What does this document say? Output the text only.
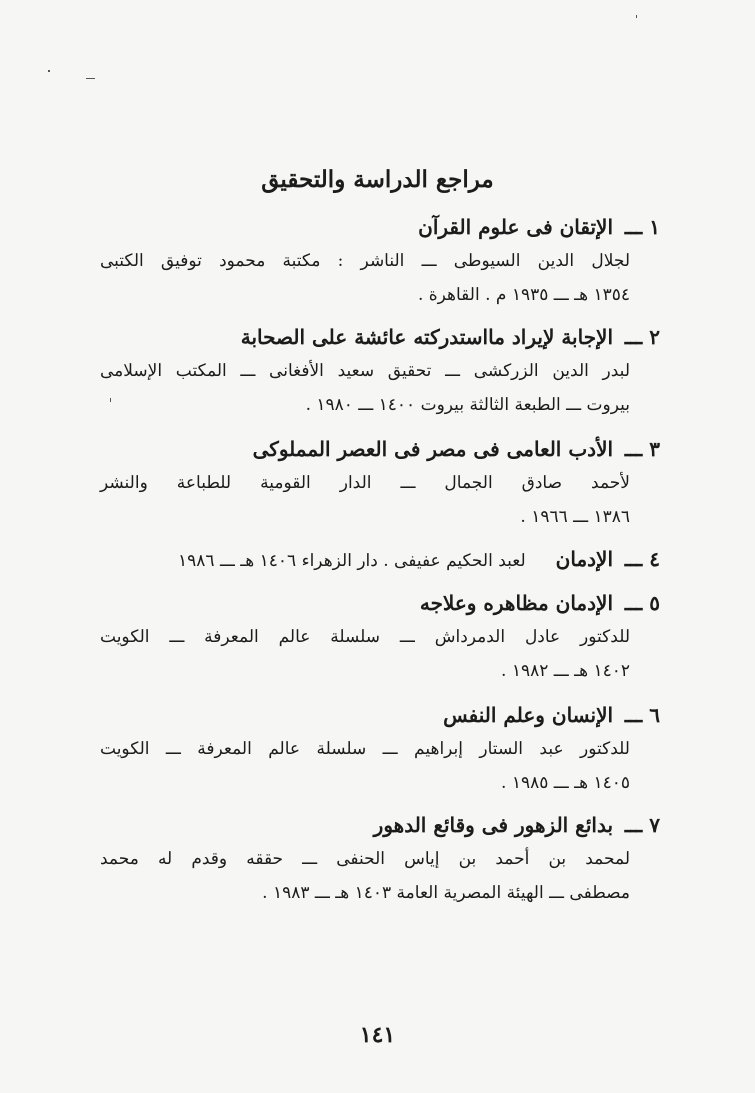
مراجع الدراسة والتحقيق
١ ـــ الإتقان فى علوم القرآن
لجلال الدين السيوطى ـــ الناشر : مكتبة محمود توفيق الكتبى
١٣٥٤ هـ ـــ ١٩٣٥ م . القاهرة .
٢ ـــ الإجابة لإيراد مااستدركته عائشة على الصحابة
لبدر الدين الزركشى ـــ تحقيق سعيد الأفغانى ـــ المكتب الإسلامى
بيروت ـــ الطبعة الثالثة بيروت ١٤٠٠ ـــ ١٩٨٠ .
٣ ـــ الأدب العامى فى مصر فى العصر المملوكى
لأحمد صادق الجمال ـــ الدار القومية للطباعة والنشر
١٣٨٦ ـــ ١٩٦٦ .
٤ ـــ الإدمان
لعبد الحكيم عفيفى . دار الزهراء ١٤٠٦ هـ ـــ ١٩٨٦
٥ ـــ الإدمان مظاهره وعلاجه
للدكتور عادل الدمرداش ـــ سلسلة عالم المعرفة ـــ الكويت
١٤٠٢ هـ ـــ ١٩٨٢ .
٦ ـــ الإنسان وعلم النفس
للدكتور عبد الستار إبراهيم ـــ سلسلة عالم المعرفة ـــ الكويت
١٤٠٥ هـ ـــ ١٩٨٥ .
٧ ـــ بدائع الزهور فى وقائع الدهور
لمحمد بن أحمد بن إياس الحنفى ـــ حققه وقدم له محمد
مصطفى ـــ الهيئة المصرية العامة ١٤٠٣ هـ ـــ ١٩٨٣ .
١٤١
